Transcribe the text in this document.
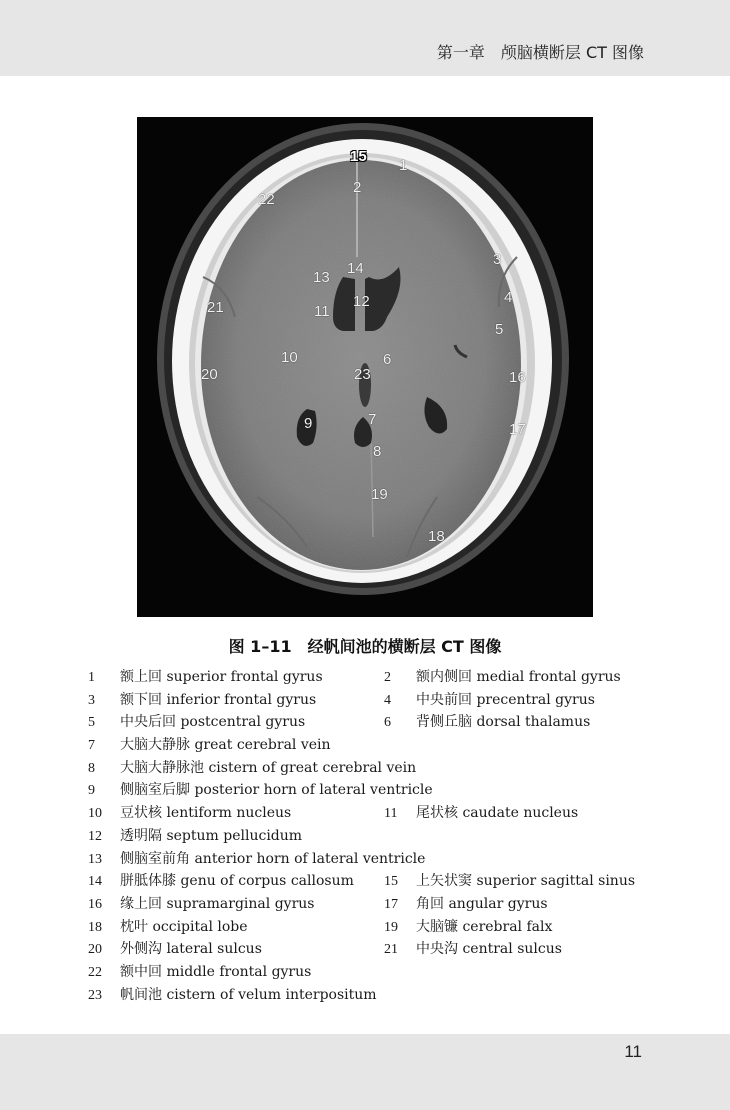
第一章　颅脑横断层 CT 图像
1
2
3
4
5
6
7
8
9
10
11
12
13
14
15
16
17
18
19
20
21
22
23
图 1–11　经帆间池的横断层 CT 图像
1 额上回 superior frontal gyrus	2 额内侧回 medial frontal gyrus
3 额下回 inferior frontal gyrus	4 中央前回 precentral gyrus
5 中央后回 postcentral gyrus	6 背侧丘脑 dorsal thalamus
7 大脑大静脉 great cerebral vein
8 大脑大静脉池 cistern of great cerebral vein
9 侧脑室后脚 posterior horn of lateral ventricle
10 豆状核 lentiform nucleus	11 尾状核 caudate nucleus
12 透明隔 septum pellucidum
13 侧脑室前角 anterior horn of lateral ventricle
14 胼胝体膝 genu of corpus callosum 15 上矢状窦 superior sagittal sinus
16 缘上回 supramarginal gyrus	17 角回 angular gyrus
18 枕叶 occipital lobe	19 大脑镰 cerebral falx
20 外侧沟 lateral sulcus	21 中央沟 central sulcus
22 额中回 middle frontal gyrus
23 帆间池 cistern of velum interpositum
11
